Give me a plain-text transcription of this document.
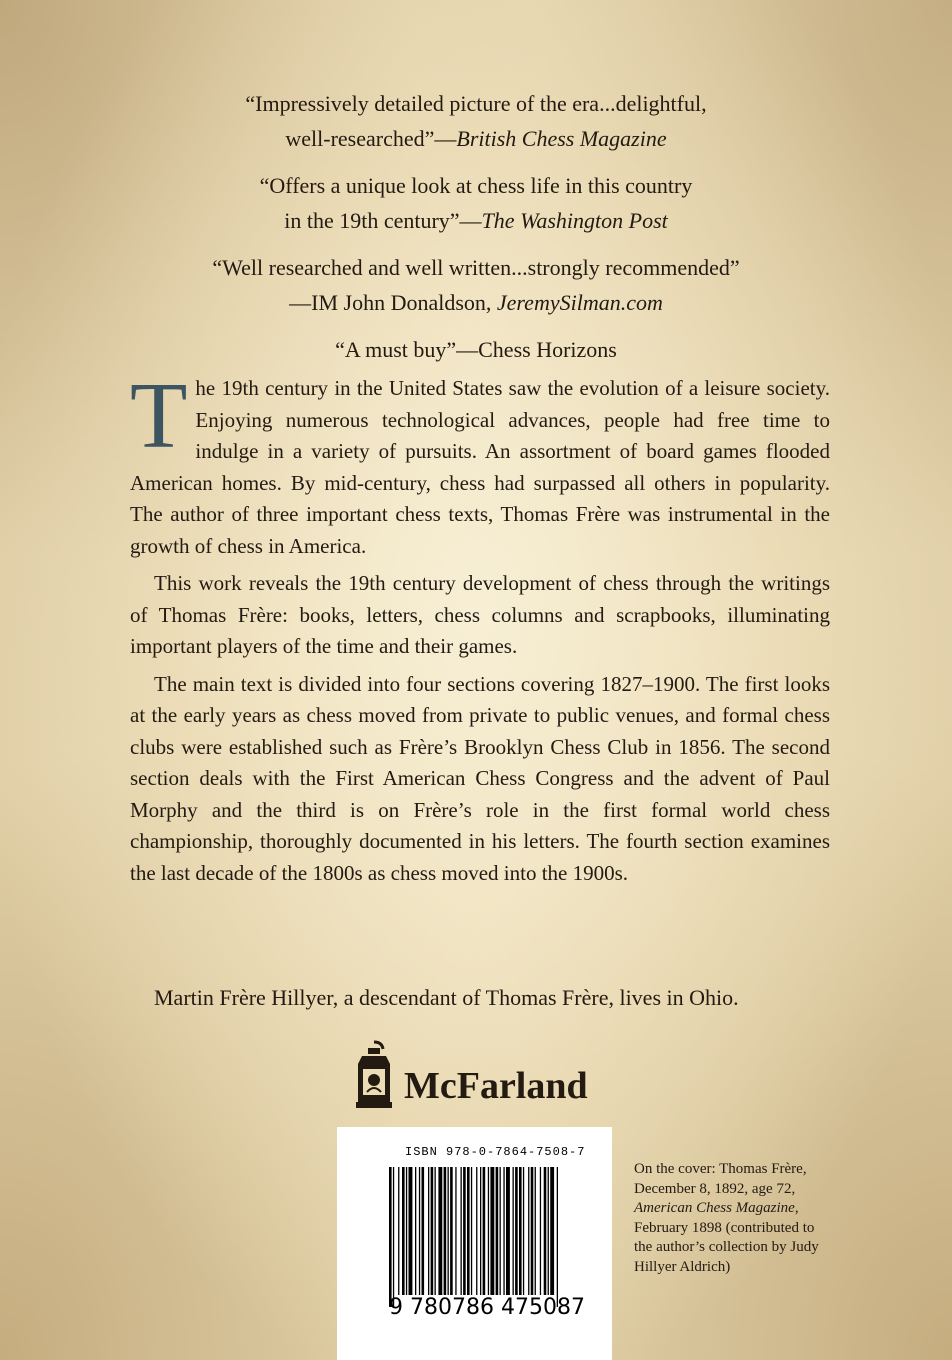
“Impressively detailed picture of the era...delightful,
well-researched”—British Chess Magazine
“Offers a unique look at chess life in this country
in the 19th century”—The Washington Post
“Well researched and well written...strongly recommended”
—IM John Donaldson, JeremySilman.com
“A must buy”—Chess Horizons

The 19th century in the United States saw the evolution of a leisure society. Enjoying numerous technological advances, people had free time to indulge in a variety of pursuits. An assortment of board games flooded American homes. By mid-century, chess had surpassed all others in popularity. The author of three important chess texts, Thomas Frère was instrumental in the growth of chess in America.

This work reveals the 19th century development of chess through the writings of Thomas Frère: books, letters, chess columns and scrapbooks, illuminating important players of the time and their games.

The main text is divided into four sections covering 1827–1900. The first looks at the early years as chess moved from private to public venues, and formal chess clubs were established such as Frère’s Brooklyn Chess Club in 1856. The second section deals with the First American Chess Congress and the advent of Paul Morphy and the third is on Frère’s role in the first formal world chess championship, thoroughly documented in his letters. The fourth section examines the last decade of the 1800s as chess moved into the 1900s.

Martin Frère Hillyer, a descendant of Thomas Frère, lives in Ohio.
McFarland
ISBN 978-0-7864-7508-7
9 780786 475087
On the cover: Thomas Frère,
December 8, 1892, age 72,
American Chess Magazine,
February 1898 (contributed to the author’s collection by Judy Hillyer Aldrich)
